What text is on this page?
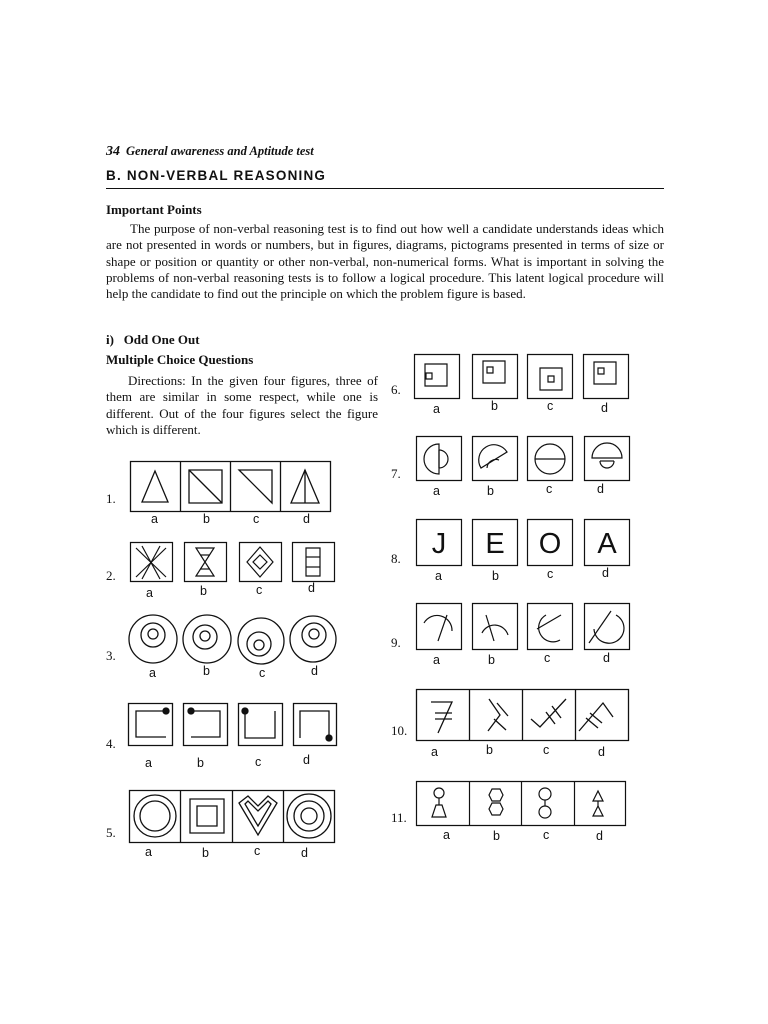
34 General awareness and Aptitude test
B. NON-VERBAL REASONING
Important Points
The purpose of non-verbal reasoning test is to find out how well a candidate understands ideas which are not presented in words or numbers, but in figures, diagrams, pictograms presented in terms of size or shape or position or quantity or other non-verbal, non-numerical forms. What is important in solving the problems of non-verbal reasoning tests is to follow a logical procedure. This latent logical procedure will help the candidate to find out the principle on which the problem figure is based.
i)   Odd One Out
Multiple Choice Questions
Directions: In the given four figures, three of them are similar in some respect, while one is different. Out of the four figures select the figure which is different.
1.
a	b	c	d
2.
a	b	c	d
3.
a	b	c	d
4.
a	b	c	d
5.
a	b	c	d
6.
a	b	c	d
7.
a	b	c	d
8. J E O A
a	b	c	d
9.
a	b	c	d
10.
a	b	c	d
11.
a	b	c	d
